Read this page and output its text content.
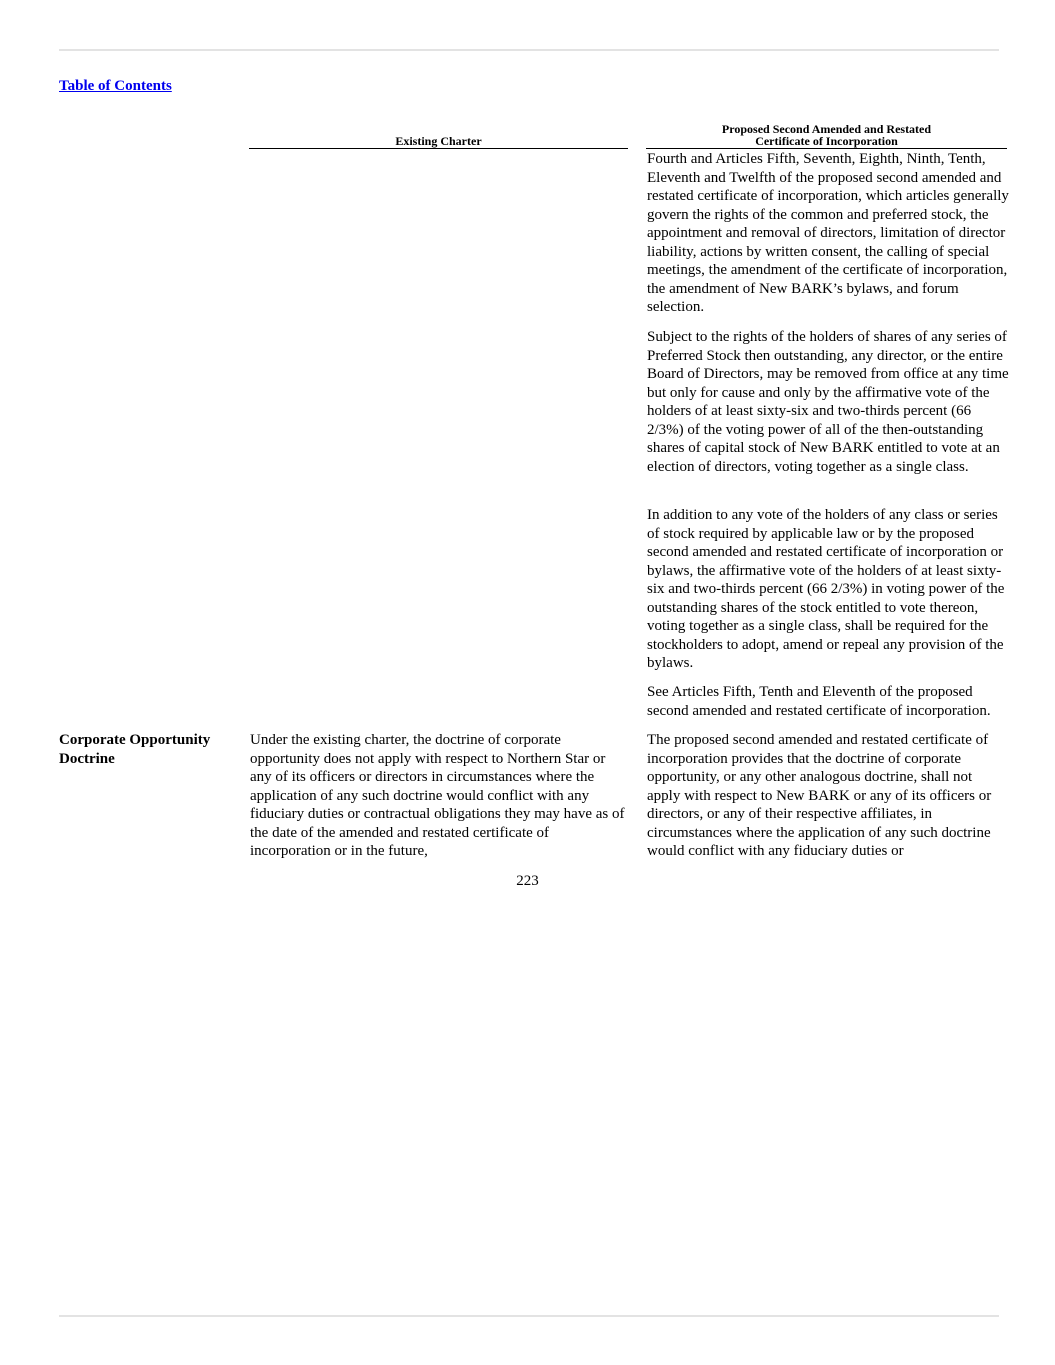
Table of Contents
Existing Charter
Proposed Second Amended and Restated
Certificate of Incorporation

Fourth and Articles Fifth, Seventh, Eighth, Ninth, Tenth, Eleventh and Twelfth of the proposed second amended and restated certificate of incorporation, which articles generally govern the rights of the common and preferred stock, the appointment and removal of directors, limitation of director liability, actions by written consent, the calling of special meetings, the amendment of the certificate of incorporation, the amendment of New BARK’s bylaws, and forum selection.

Subject to the rights of the holders of shares of any series of Preferred Stock then outstanding, any director, or the entire Board of Directors, may be removed from office at any time but only for cause and only by the affirmative vote of the holders of at least sixty-six and two-thirds percent (66 2/3%) of the voting power of all of the then-outstanding shares of capital stock of New BARK entitled to vote at an election of directors, voting together as a single class.

In addition to any vote of the holders of any class or series of stock required by applicable law or by the proposed second amended and restated certificate of incorporation or bylaws, the affirmative vote of the holders of at least sixty-six and two-thirds percent (66 2/3%) in voting power of the outstanding shares of the stock entitled to vote thereon, voting together as a single class, shall be required for the stockholders to adopt, amend or repeal any provision of the bylaws.

See Articles Fifth, Tenth and Eleventh of the proposed second amended and restated certificate of incorporation.

Corporate Opportunity
Doctrine

Under the existing charter, the doctrine of corporate opportunity does not apply with respect to Northern Star or any of its officers or directors in circumstances where the application of any such doctrine would conflict with any fiduciary duties or contractual obligations they may have as of the date of the amended and restated certificate of incorporation or in the future,

The proposed second amended and restated certificate of incorporation provides that the doctrine of corporate opportunity, or any other analogous doctrine, shall not apply with respect to New BARK or any of its officers or directors, or any of their respective affiliates, in circumstances where the application of any such doctrine would conflict with any fiduciary duties or

223
